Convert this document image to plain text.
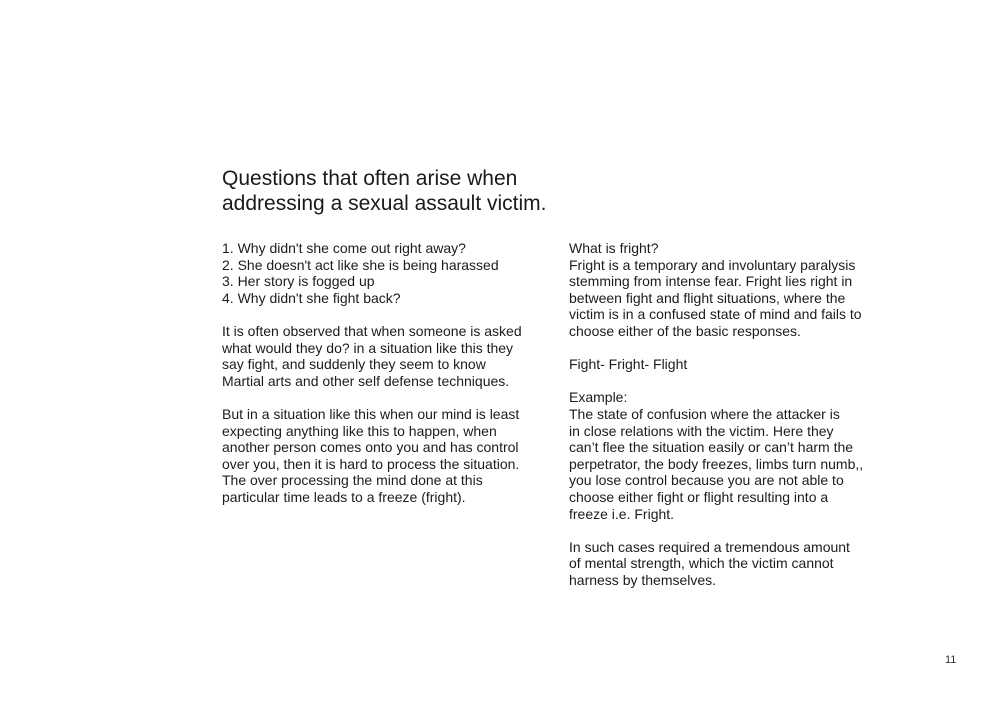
Questions that often arise when
addressing a sexual assault victim.

1. Why didn't she come out right away?
2. She doesn't act like she is being harassed
3. Her story is fogged up
4. Why didn't she fight back?

It is often observed that when someone is asked
what would they do? in a situation like this they
say fight, and suddenly they seem to know
Martial arts and other self defense techniques.

But in a situation like this when our mind is least
expecting anything like this to happen, when
another person comes onto you and has control
over you, then it is hard to process the situation.
The over processing the mind done at this
particular time leads to a freeze (fright).

What is fright?

Fright is a temporary and involuntary paralysis
stemming from intense fear. Fright lies right in
between fight and flight situations, where the
victim is in a confused state of mind and fails to
choose either of the basic responses.

Fight- Fright- Flight

Example:
The state of confusion where the attacker is
in close relations with the victim. Here they
can’t flee the situation easily or can’t harm the
perpetrator, the body freezes, limbs turn numb,,
you lose control because you are not able to
choose either fight or flight resulting into a
freeze i.e. Fright.

In such cases required a tremendous amount
of mental strength, which the victim cannot
harness by themselves.

11
